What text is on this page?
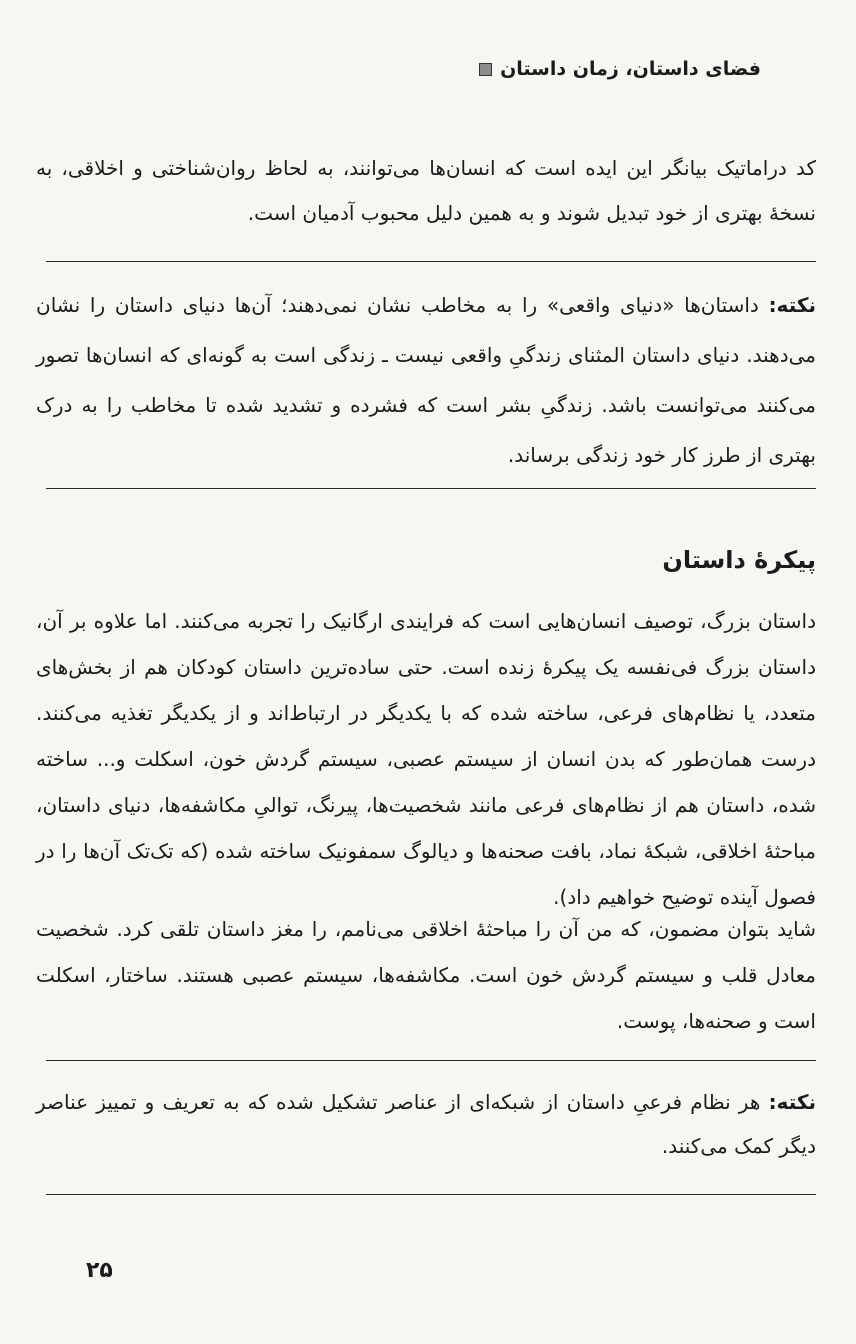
فضای داستان، زمان داستان

کد دراماتیک بیانگر این ایده است که انسان‌ها می‌توانند، به لحاظ روان‌شناختی و اخلاقی، به نسخهٔ بهتری از خود تبدیل شوند و به همین دلیل محبوب آدمیان است.

نکته: داستان‌ها «دنیای واقعی» را به مخاطب نشان نمی‌دهند؛ آن‌ها دنیای داستان را نشان می‌دهند. دنیای داستان المثنای زندگیِ واقعی نیست ـ زندگی است به گونه‌ای که انسان‌ها تصور می‌کنند می‌توانست باشد. زندگیِ بشر است که فشرده و تشدید شده تا مخاطب را به درک بهتری از طرز کار خود زندگی برساند.

پیکرهٔ داستان

داستان بزرگ، توصیف انسان‌هایی است که فرایندی ارگانیک را تجربه می‌کنند. اما علاوه بر آن، داستان بزرگ فی‌نفسه یک پیکرهٔ زنده است. حتی ساده‌ترین داستان کودکان هم از بخش‌های متعدد، یا نظام‌های فرعی، ساخته شده که با یکدیگر در ارتباط‌اند و از یکدیگر تغذیه می‌کنند. درست همان‌طور که بدن انسان از سیستم عصبی، سیستم گردش خون، اسکلت و... ساخته شده، داستان هم از نظام‌های فرعی مانند شخصیت‌ها، پیرنگ، توالیِ مکاشفه‌ها، دنیای داستان، مباحثهٔ اخلاقی، شبکهٔ نماد، بافت صحنه‌ها و دیالوگ سمفونیک ساخته شده (که تک‌تک آن‌ها را در فصول آینده توضیح خواهیم داد).

شاید بتوان مضمون، که من آن را مباحثهٔ اخلاقی می‌نامم، را مغز داستان تلقی کرد. شخصیت معادل قلب و سیستم گردش خون است. مکاشفه‌ها، سیستم عصبی هستند. ساختار، اسکلت است و صحنه‌ها، پوست.

نکته: هر نظام فرعیِ داستان از شبکه‌ای از عناصر تشکیل شده که به تعریف و تمییز عناصر دیگر کمک می‌کنند.

۲۵
